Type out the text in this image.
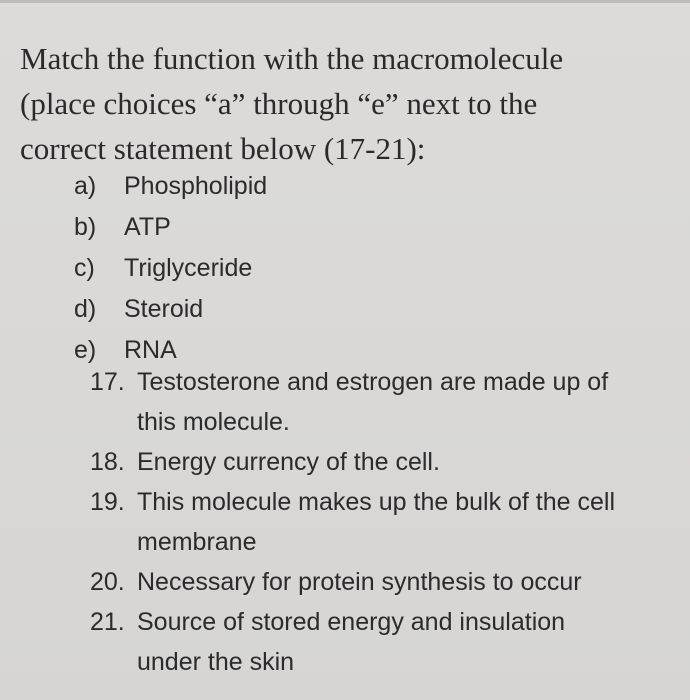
Match the function with the macromolecule (place choices “a” through “e” next to the correct statement below (17-21):

a) Phospholipid
b) ATP
c) Triglyceride
d) Steroid
e) RNA
17. Testosterone and estrogen are made up of this molecule.
18. Energy currency of the cell.
19. This molecule makes up the bulk of the cell membrane
20. Necessary for protein synthesis to occur
21. Source of stored energy and insulation under the skin
